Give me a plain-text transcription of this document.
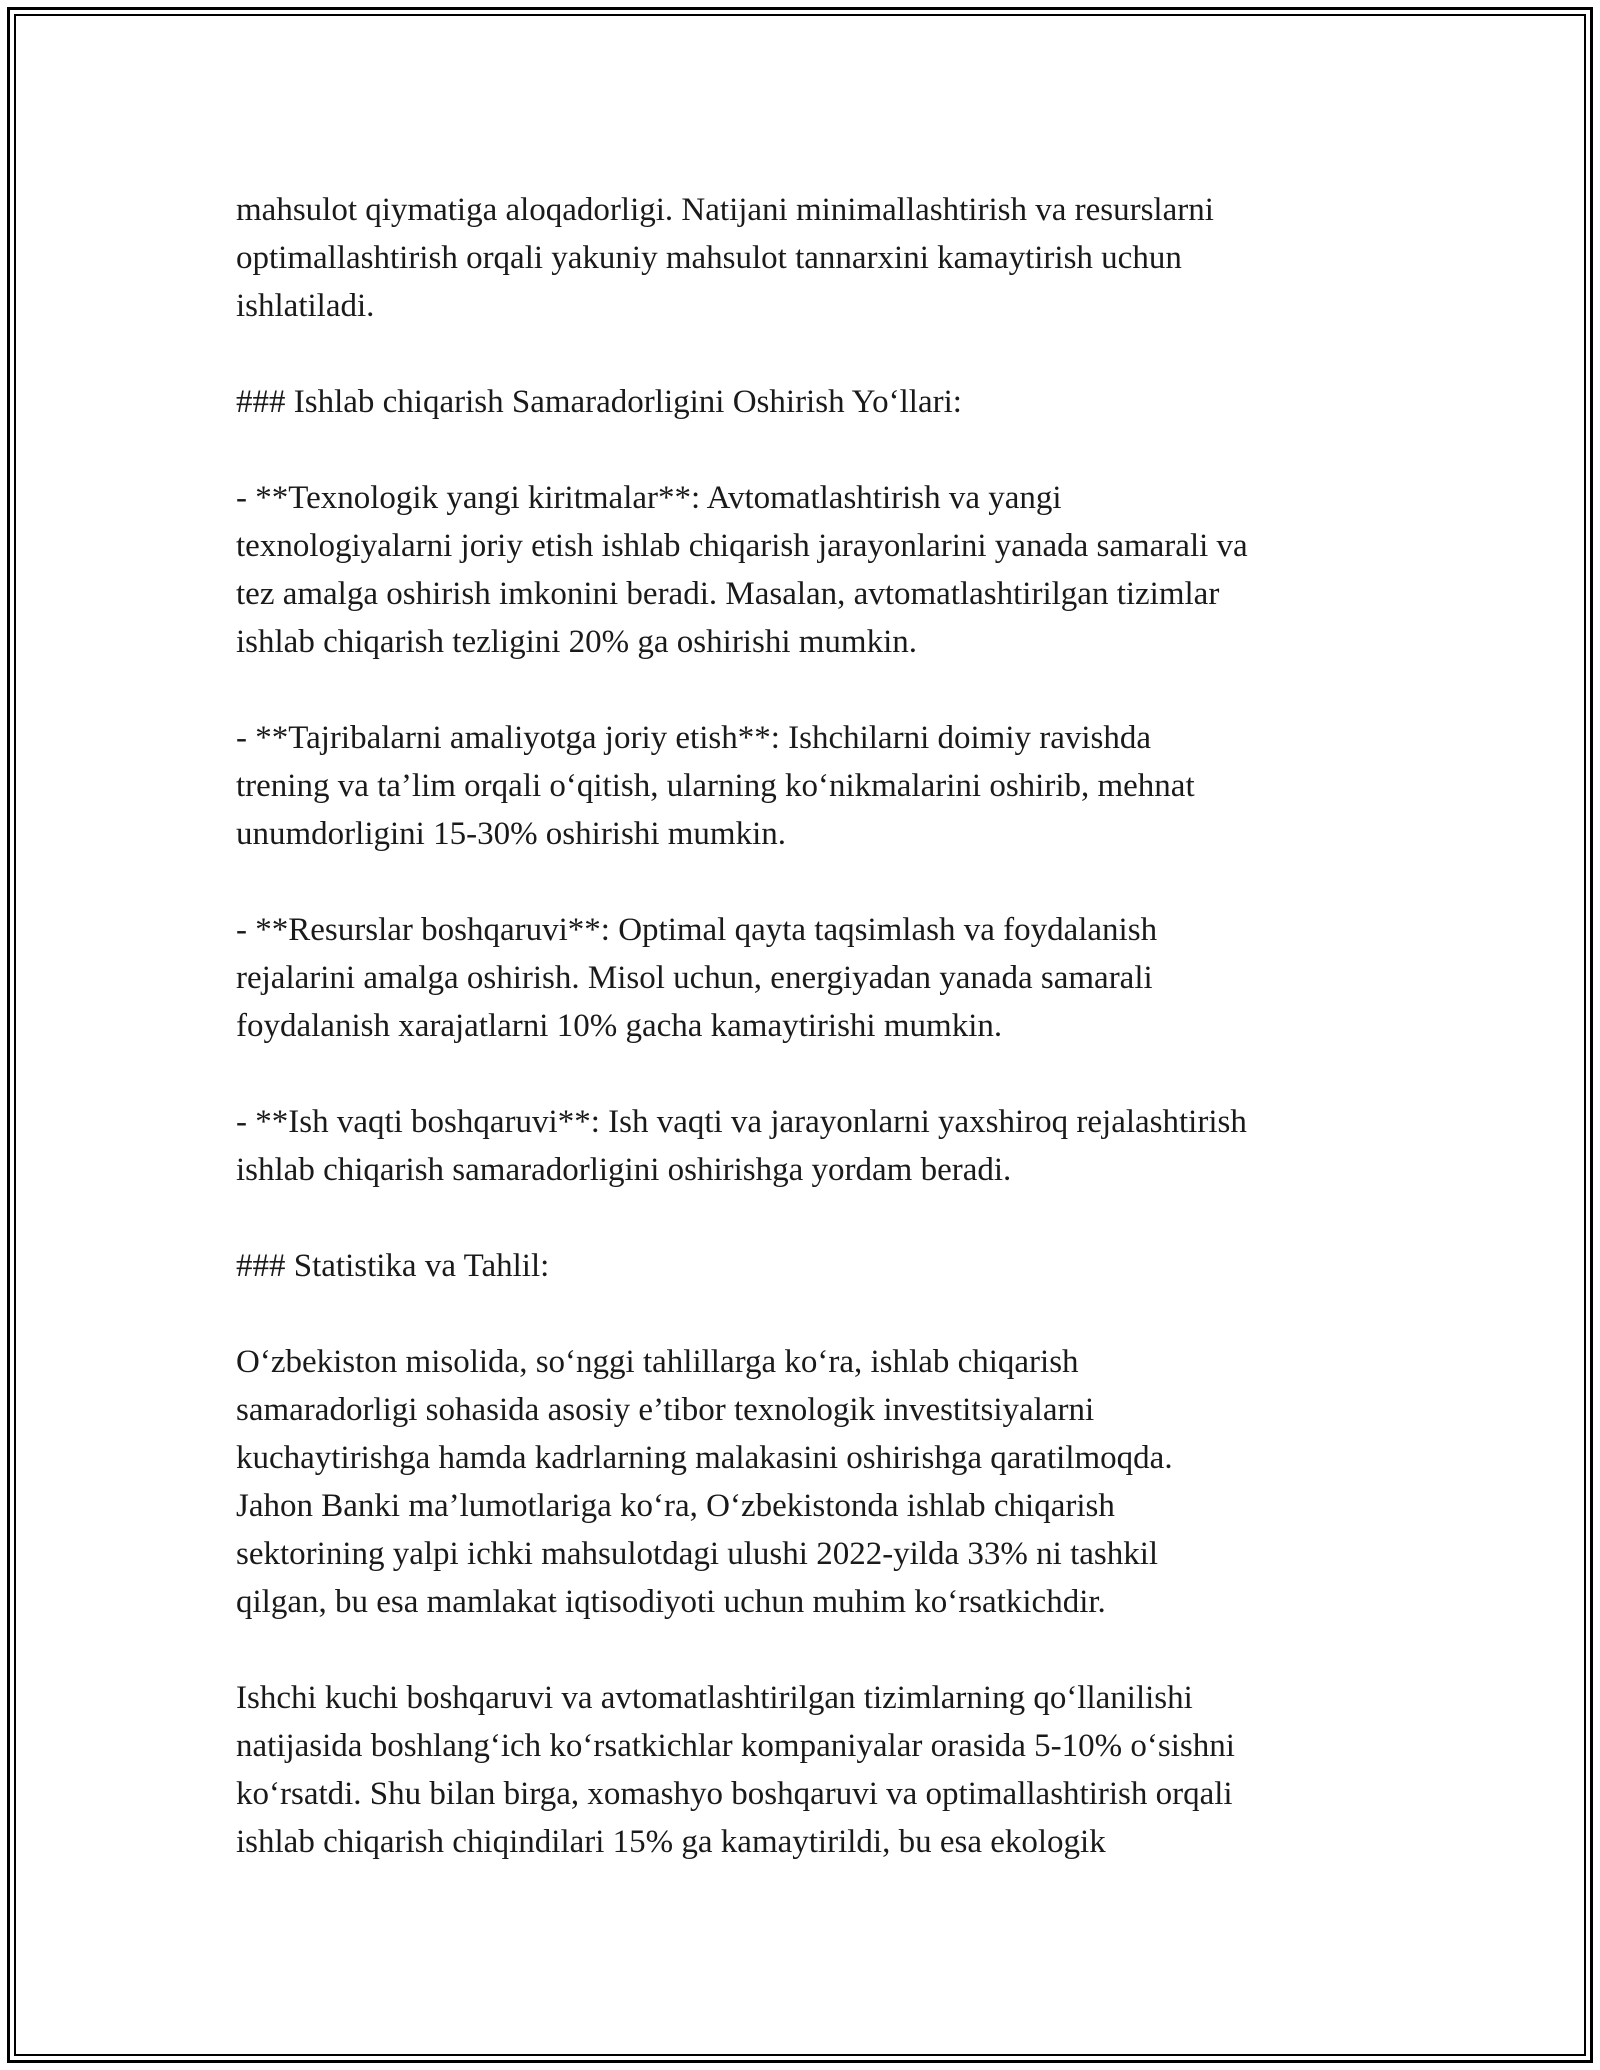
mahsulot qiymatiga aloqadorligi. Natijani minimallashtirish va resurslarni
optimallashtirish orqali yakuniy mahsulot tannarxini kamaytirish uchun
ishlatiladi.
### Ishlab chiqarish Samaradorligini Oshirish Yo‘llari:
- **Texnologik yangi kiritmalar**: Avtomatlashtirish va yangi
texnologiyalarni joriy etish ishlab chiqarish jarayonlarini yanada samarali va
tez amalga oshirish imkonini beradi. Masalan, avtomatlashtirilgan tizimlar
ishlab chiqarish tezligini 20% ga oshirishi mumkin.
- **Tajribalarni amaliyotga joriy etish**: Ishchilarni doimiy ravishda
trening va ta’lim orqali o‘qitish, ularning ko‘nikmalarini oshirib, mehnat
unumdorligini 15-30% oshirishi mumkin.
- **Resurslar boshqaruvi**: Optimal qayta taqsimlash va foydalanish
rejalarini amalga oshirish. Misol uchun, energiyadan yanada samarali
foydalanish xarajatlarni 10% gacha kamaytirishi mumkin.
- **Ish vaqti boshqaruvi**: Ish vaqti va jarayonlarni yaxshiroq rejalashtirish
ishlab chiqarish samaradorligini oshirishga yordam beradi.
### Statistika va Tahlil:
O‘zbekiston misolida, so‘nggi tahlillarga ko‘ra, ishlab chiqarish
samaradorligi sohasida asosiy e’tibor texnologik investitsiyalarni
kuchaytirishga hamda kadrlarning malakasini oshirishga qaratilmoqda.
Jahon Banki ma’lumotlariga ko‘ra, O‘zbekistonda ishlab chiqarish
sektorining yalpi ichki mahsulotdagi ulushi 2022-yilda 33% ni tashkil
qilgan, bu esa mamlakat iqtisodiyoti uchun muhim ko‘rsatkichdir.
Ishchi kuchi boshqaruvi va avtomatlashtirilgan tizimlarning qo‘llanilishi
natijasida boshlang‘ich ko‘rsatkichlar kompaniyalar orasida 5-10% o‘sishni
ko‘rsatdi. Shu bilan birga, xomashyo boshqaruvi va optimallashtirish orqali
ishlab chiqarish chiqindilari 15% ga kamaytirildi, bu esa ekologik
